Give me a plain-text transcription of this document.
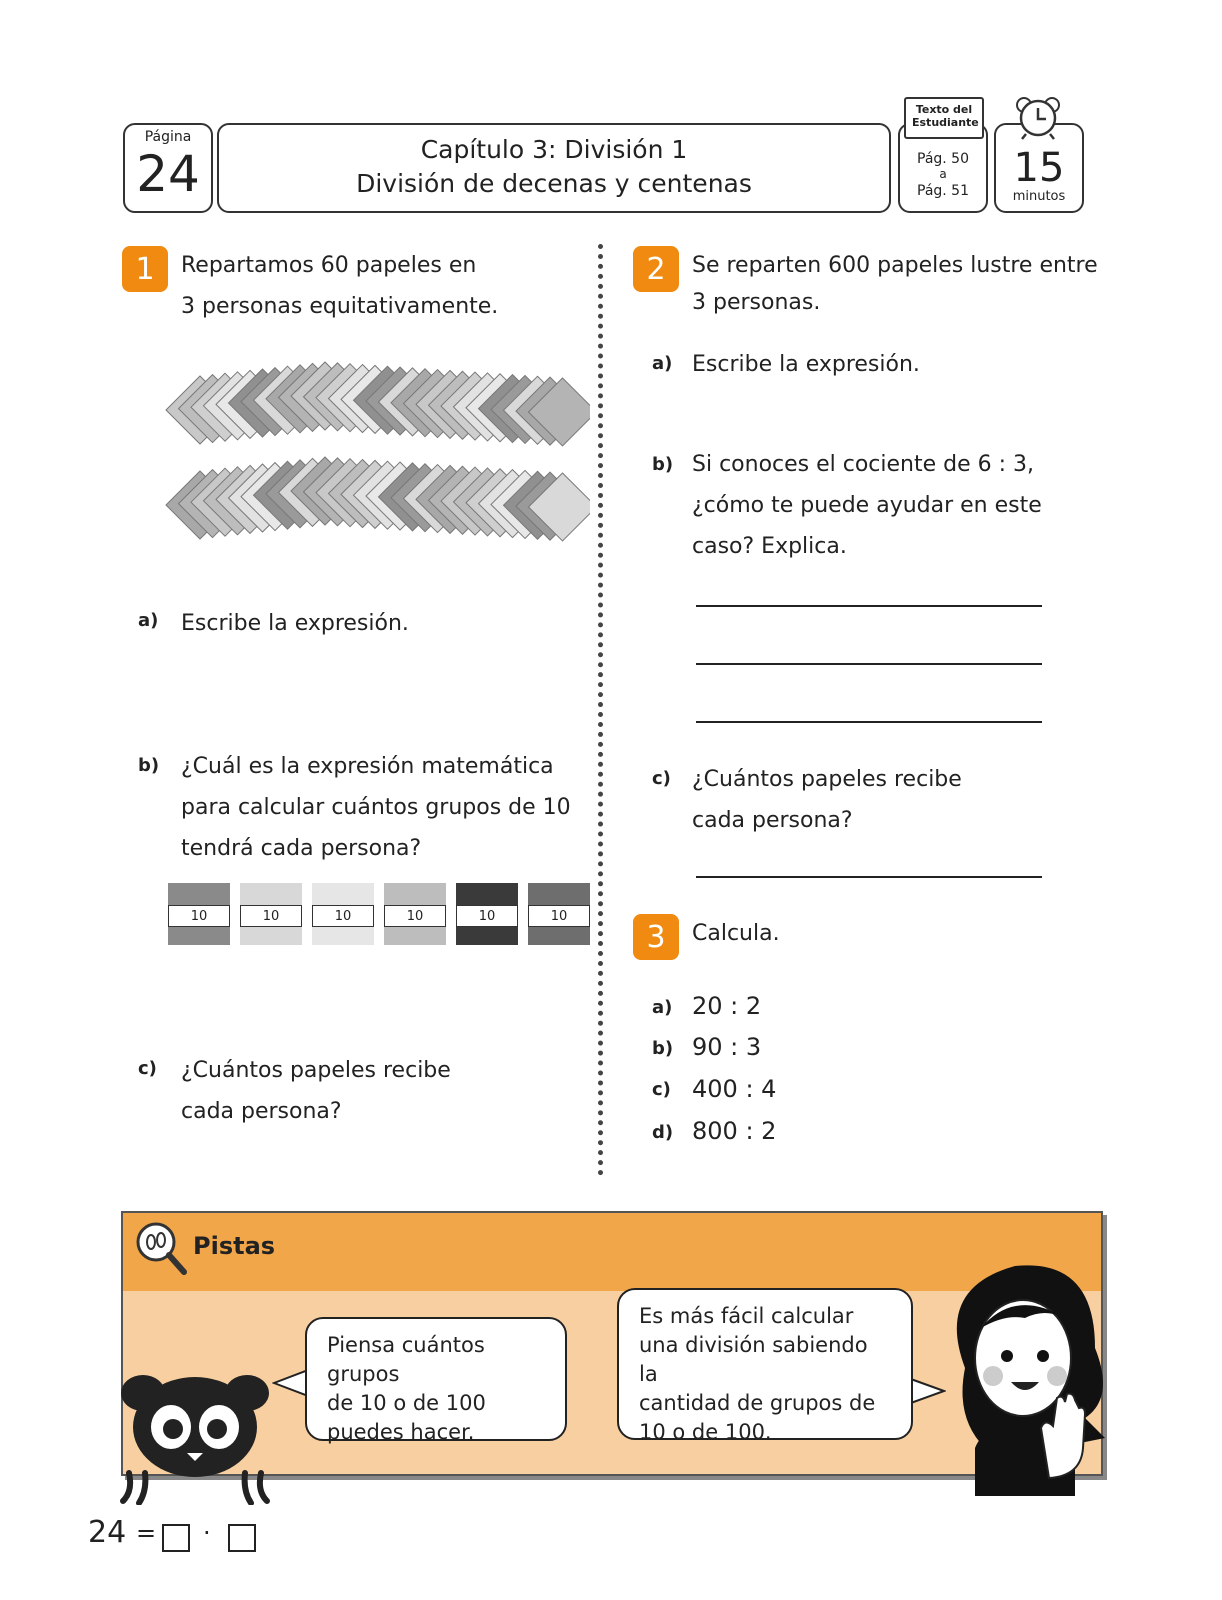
Página
24	Capítulo 3: División 1
División de decenas y centenas
Pág. 50
a
Pág. 51
Texto del Estudiante
15
minutos
1	Repartamos 60 papeles en
3 personas equitativamente.
a) Escribe la expresión.
b) ¿Cuál es la expresión matemática
para calcular cuántos grupos de 10
tendrá cada persona?
10	10	10	10	10	10
c) ¿Cuántos papeles recibe
cada persona?
2	Se reparten 600 papeles lustre entre
3 personas.
a) Escribe la expresión.
b) Si conoces el cociente de 6 : 3,
¿cómo te puede ayudar en este
caso? Explica.
c) ¿Cuántos papeles recibe
cada persona?
3	Calcula.
a) 20 : 2
b) 90 : 3
c) 400 : 4
d) 800 : 2
Pistas
Piensa cuántos grupos
de 10 o de 100
puedes hacer.
Es más fácil calcular
una división sabiendo la
cantidad de grupos de
10 o de 100.
24 = ·
